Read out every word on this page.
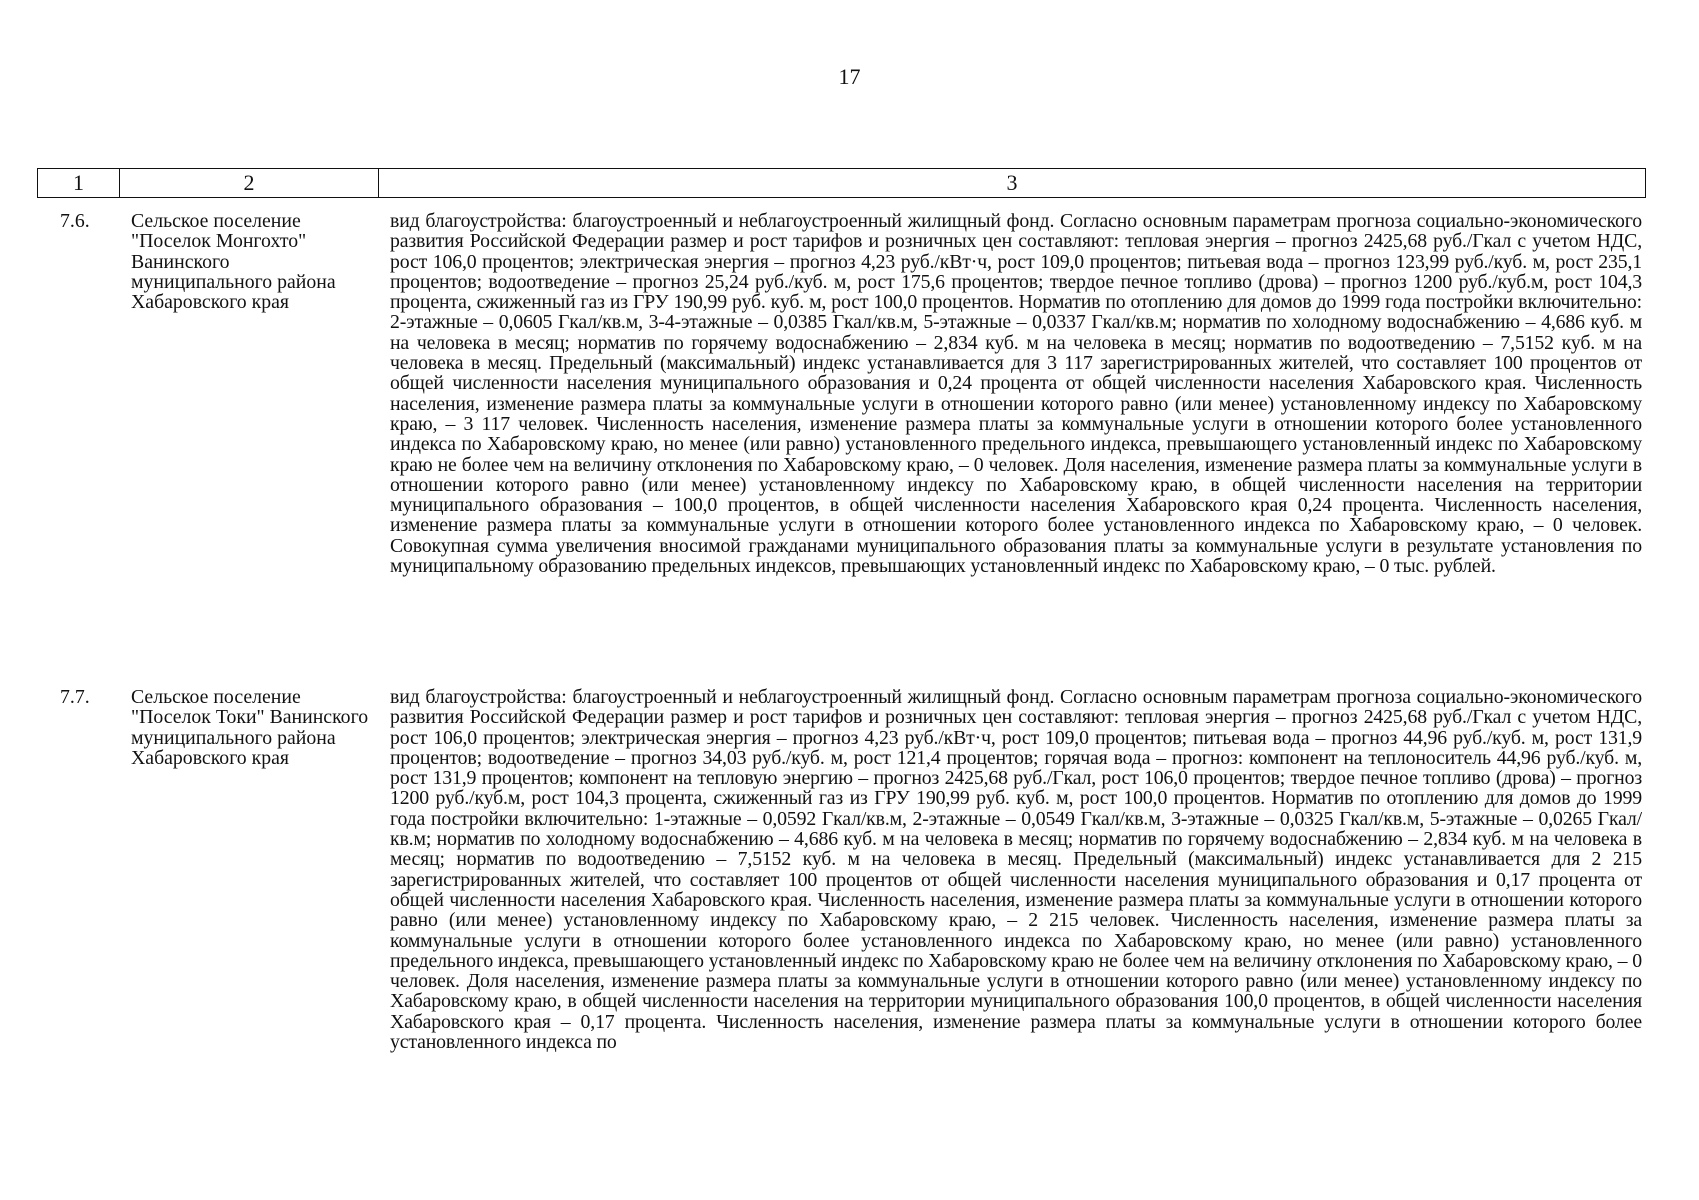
17
1	2	3
7.6.	Сельское поселение "Поселок Монгохто" Ванинского муниципального района Хабаровского края	вид благоустройства: благоустроенный и неблагоустроенный жилищный фонд. Согласно основным параметрам прогноза социально-экономического развития Российской Федерации размер и рост тарифов и розничных цен составляют: тепловая энергия – прогноз 2425,68 руб./Гкал с учетом НДС, рост 106,0 процентов; электрическая энергия – прогноз 4,23 руб./кВт·ч, рост 109,0 процентов; питьевая вода – прогноз 123,99 руб./куб. м, рост 235,1 процентов; водоотведение – прогноз 25,24 руб./куб. м, рост 175,6 процентов; твердое печное топливо (дрова) – прогноз 1200 руб./куб.м, рост 104,3 процента, сжиженный газ из ГРУ 190,99 руб. куб. м, рост 100,0 процентов. Норматив по отоплению для домов до 1999 года постройки включительно: 2-этажные – 0,0605 Гкал/кв.м, 3-4-этажные – 0,0385 Гкал/кв.м, 5-этажные – 0,0337 Гкал/кв.м; норматив по холодному водоснабжению – 4,686 куб. м на человека в месяц; норматив по горячему водоснабжению – 2,834 куб. м на человека в месяц; норматив по водоотведению – 7,5152 куб. м на человека в месяц. Предельный (максимальный) индекс устанавливается для 3 117 зарегистрированных жителей, что составляет 100 процентов от общей численности населения муниципального образования и 0,24 процента от общей численности населения Хабаровского края. Численность населения, изменение размера платы за коммунальные услуги в отношении которого равно (или менее) установленному индексу по Хабаровскому краю, – 3 117 человек. Численность населения, изменение размера платы за коммунальные услуги в отношении которого более установленного индекса по Хабаровскому краю, но менее (или равно) установленного предельного индекса, превышающего установленный индекс по Хабаровскому краю не более чем на величину отклонения по Хабаровскому краю, – 0 человек. Доля населения, изменение размера платы за коммунальные услуги в отношении которого равно (или менее) установленному индексу по Хабаровскому краю, в общей численности населения на территории муниципального образования – 100,0 процентов, в общей численности населения Хабаровского края 0,24 процента. Численность населения, изменение размера платы за коммунальные услуги в отношении которого более установленного индекса по Хабаровскому краю, – 0 человек. Совокупная сумма увеличения вносимой гражданами муниципального образования платы за коммунальные услуги в результате установления по муниципальному образованию предельных индексов, превышающих установленный индекс по Хабаровскому краю, – 0 тыс. рублей.
7.7.	Сельское поселение "Поселок Токи" Ванинского муниципального района Хабаровского края	вид благоустройства: благоустроенный и неблагоустроенный жилищный фонд. Согласно основным параметрам прогноза социально-экономического развития Российской Федерации размер и рост тарифов и розничных цен составляют: тепловая энергия – прогноз 2425,68 руб./Гкал с учетом НДС, рост 106,0 процентов; электрическая энергия – прогноз 4,23 руб./кВт·ч, рост 109,0 процентов; питьевая вода – прогноз 44,96 руб./куб. м, рост 131,9 процентов; водоотведение – прогноз 34,03 руб./куб. м, рост 121,4 процентов; горячая вода – прогноз: компонент на теплоноситель 44,96 руб./куб. м, рост 131,9 процентов; компонент на тепловую энергию – прогноз 2425,68 руб./Гкал, рост 106,0 процентов; твердое печное топливо (дрова) – прогноз 1200 руб./куб.м, рост 104,3 процента, сжиженный газ из ГРУ 190,99 руб. куб. м, рост 100,0 процентов. Норматив по отоплению для домов до 1999 года постройки включительно: 1-этажные – 0,0592 Гкал/кв.м, 2-этажные – 0,0549 Гкал/кв.м, 3-этажные – 0,0325 Гкал/кв.м, 5-этажные – 0,0265 Гкал/кв.м; норматив по холодному водоснабжению – 4,686 куб. м на человека в месяц; норматив по горячему водоснабжению – 2,834 куб. м на человека в месяц; норматив по водоотведению – 7,5152 куб. м на человека в месяц. Предельный (максимальный) индекс устанавливается для 2 215 зарегистрированных жителей, что составляет 100 процентов от общей численности населения муниципального образования и 0,17 процента от общей численности населения Хабаровского края. Численность населения, изменение размера платы за коммунальные услуги в отношении которого равно (или менее) установленному индексу по Хабаровскому краю, – 2 215 человек. Численность населения, изменение размера платы за коммунальные услуги в отношении которого более установленного индекса по Хабаровскому краю, но менее (или равно) установленного предельного индекса, превышающего установленный индекс по Хабаровскому краю не более чем на величину отклонения по Хабаровскому краю, – 0 человек. Доля населения, изменение размера платы за коммунальные услуги в отношении которого равно (или менее) установленному индексу по Хабаровскому краю, в общей численности населения на территории муниципального образования 100,0 процентов, в общей численности населения Хабаровского края – 0,17 процента. Численность населения, изменение размера платы за коммунальные услуги в отношении которого более установленного индекса по
